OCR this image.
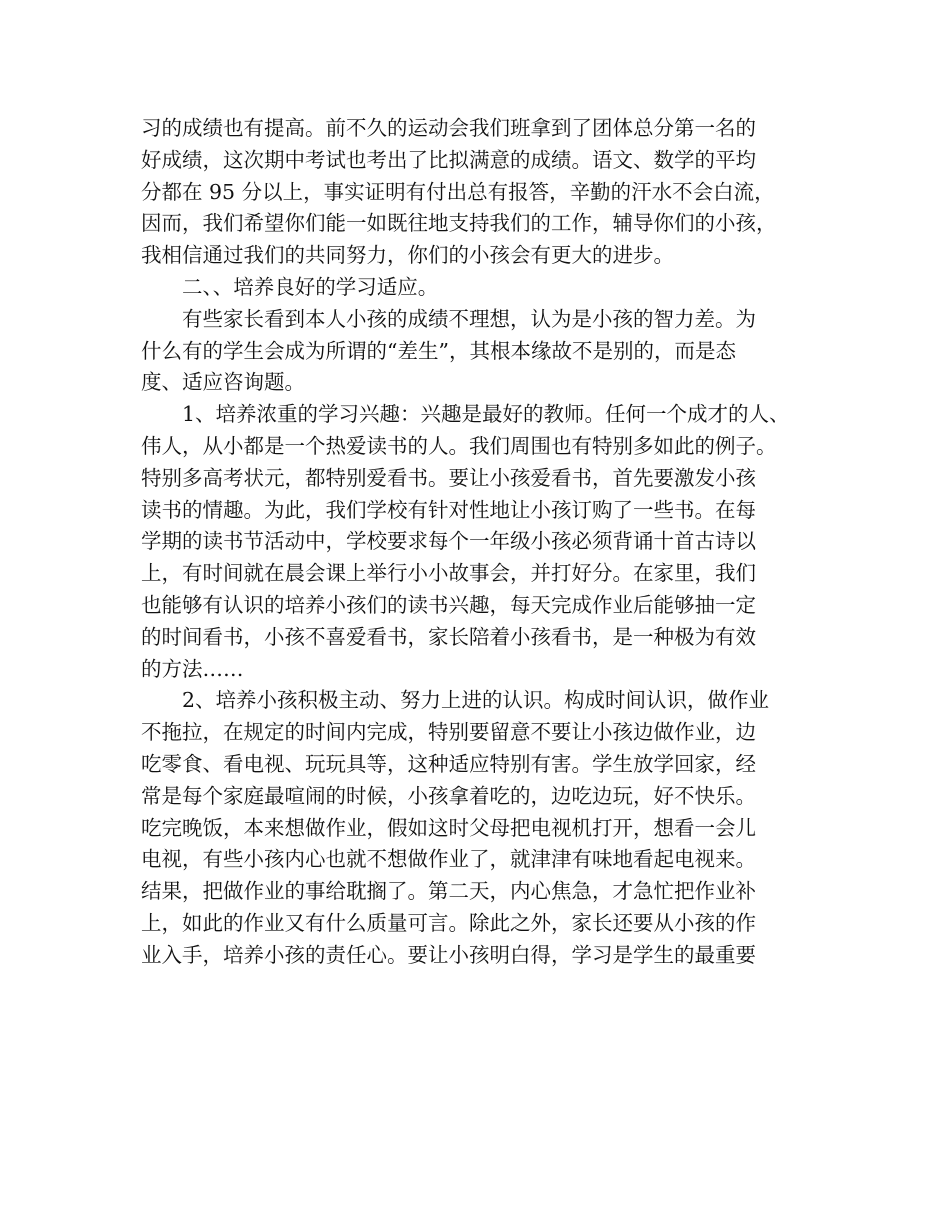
习的成绩也有提高。前不久的运动会我们班拿到了团体总分第一名的
好成绩，这次期中考试也考出了比拟满意的成绩。语文、数学的平均
分都在 95 分以上，事实证明有付出总有报答，辛勤的汗水不会白流，
因而，我们希望你们能一如既往地支持我们的工作，辅导你们的小孩，
我相信通过我们的共同努力，你们的小孩会有更大的进步。
二、、培养良好的学习适应。
有些家长看到本人小孩的成绩不理想，认为是小孩的智力差。为
什么有的学生会成为所谓的“差生”，其根本缘故不是别的，而是态
度、适应咨询题。
1、培养浓重的学习兴趣：兴趣是最好的教师。任何一个成才的人、
伟人，从小都是一个热爱读书的人。我们周围也有特别多如此的例子。
特别多高考状元，都特别爱看书。要让小孩爱看书，首先要激发小孩
读书的情趣。为此，我们学校有针对性地让小孩订购了一些书。在每
学期的读书节活动中，学校要求每个一年级小孩必须背诵十首古诗以
上，有时间就在晨会课上举行小小故事会，并打好分。在家里，我们
也能够有认识的培养小孩们的读书兴趣，每天完成作业后能够抽一定
的时间看书，小孩不喜爱看书，家长陪着小孩看书，是一种极为有效
的方法……
2、培养小孩积极主动、努力上进的认识。构成时间认识，做作业
不拖拉，在规定的时间内完成，特别要留意不要让小孩边做作业，边
吃零食、看电视、玩玩具等，这种适应特别有害。学生放学回家，经
常是每个家庭最喧闹的时候，小孩拿着吃的，边吃边玩，好不快乐。
吃完晚饭，本来想做作业，假如这时父母把电视机打开，想看一会儿
电视，有些小孩内心也就不想做作业了，就津津有味地看起电视来。
结果，把做作业的事给耽搁了。第二天，内心焦急，才急忙把作业补
上，如此的作业又有什么质量可言。除此之外，家长还要从小孩的作
业入手，培养小孩的责任心。要让小孩明白得，学习是学生的最重要
